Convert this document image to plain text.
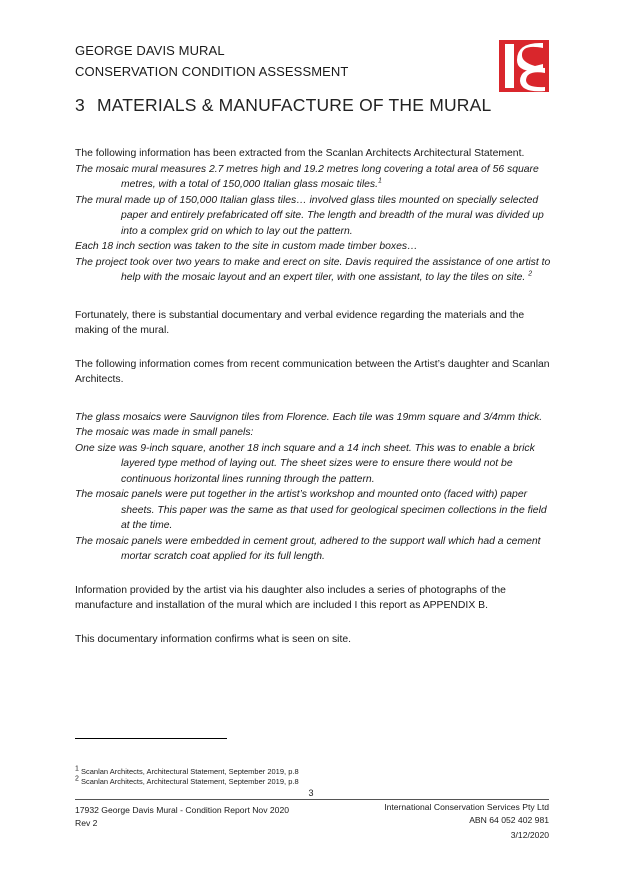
GEORGE DAVIS MURAL
CONSERVATION CONDITION ASSESSMENT
3 MATERIALS & MANUFACTURE OF THE MURAL

The following information has been extracted from the Scanlan Architects Architectural Statement.

The mosaic mural measures 2.7 metres high and 19.2 metres long covering a total area of 56 square metres, with a total of 150,000 Italian glass mosaic tiles.$^1$

The mural made up of 150,000 Italian glass tiles… involved glass tiles mounted on specially selected paper and entirely prefabricated off site. The length and breadth of the mural was divided up into a complex grid on which to lay out the pattern.

Each 18 inch section was taken to the site in custom made timber boxes…

The project took over two years to make and erect on site. Davis required the assistance of one artist to help with the mosaic layout and an expert tiler, with one assistant, to lay the tiles on site. $^2$

Fortunately, there is substantial documentary and verbal evidence regarding the materials and the making of the mural.

The following information comes from recent communication between the Artist’s daughter and Scanlan Architects.

The glass mosaics were Sauvignon tiles from Florence. Each tile was 19mm square and 3/4mm thick.

The mosaic was made in small panels:

One size was 9-inch square, another 18 inch square and a 14 inch sheet. This was to enable a brick layered type method of laying out. The sheet sizes were to ensure there would not be continuous horizontal lines running through the pattern.

The mosaic panels were put together in the artist’s workshop and mounted onto (faced with) paper sheets. This paper was the same as that used for geological specimen collections in the field at the time.

The mosaic panels were embedded in cement grout, adhered to the support wall which had a cement mortar scratch coat applied for its full length.

Information provided by the artist via his daughter also includes a series of photographs of the manufacture and installation of the mural which are included I this report as APPENDIX B.

This documentary information confirms what is seen on site.

$^1$ Scanlan Architects, Architectural Statement, September 2019, p.8
$^2$ Scanlan Architects, Architectural Statement, September 2019, p.8
3
17932 George Davis Mural - Condition Report Nov 2020
Rev 2
International Conservation Services Pty Ltd
ABN 64 052 402 981
3/12/2020
